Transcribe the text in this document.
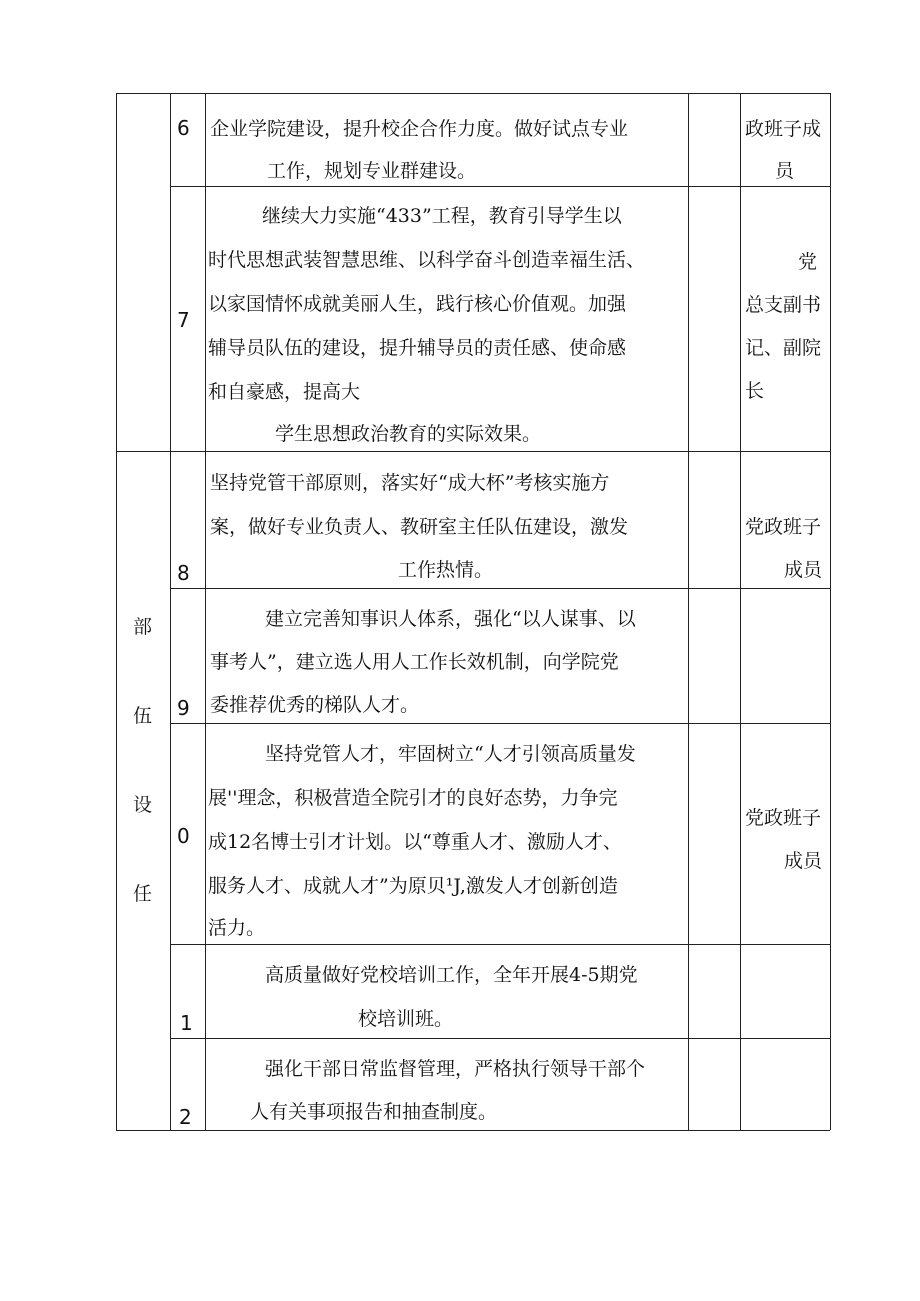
部
伍
设
任
6 企业学院建设，提升校企合作力度。做好试点专业
工作，规划专业群建设。
政班子成
员
7
继续大力实施“433”工程，教育引导学生以
时代思想武装智慧思维、以科学奋斗创造幸福生活、
以家国情怀成就美丽人生，践行核心价值观。加强
辅导员队伍的建设，提升辅导员的责任感、使命感
和自豪感，提高大
学生思想政治教育的实际效果。
党
总支副书
记、副院
长
8
坚持党管干部原则，落实好“成大杯”考核实施方
案，做好专业负责人、教研室主任队伍建设，激发
工作热情。
党政班子
成员
9
建立完善知事识人体系，强化“以人谋事、以
事考人”，建立选人用人工作长效机制，向学院党
委推荐优秀的梯队人才。
0
坚持党管人才，牢固树立“人才引领高质量发
展''理念，积极营造全院引才的良好态势，力争完
成12名博士引才计划。以“尊重人才、激励人才、
服务人才、成就人才”为原贝¹J,激发人才创新创造
活力。
党政班子
成员
1
高质量做好党校培训工作，全年开展4-5期党
校培训班。
2
强化干部日常监督管理，严格执行领导干部个
人有关事项报告和抽查制度。
